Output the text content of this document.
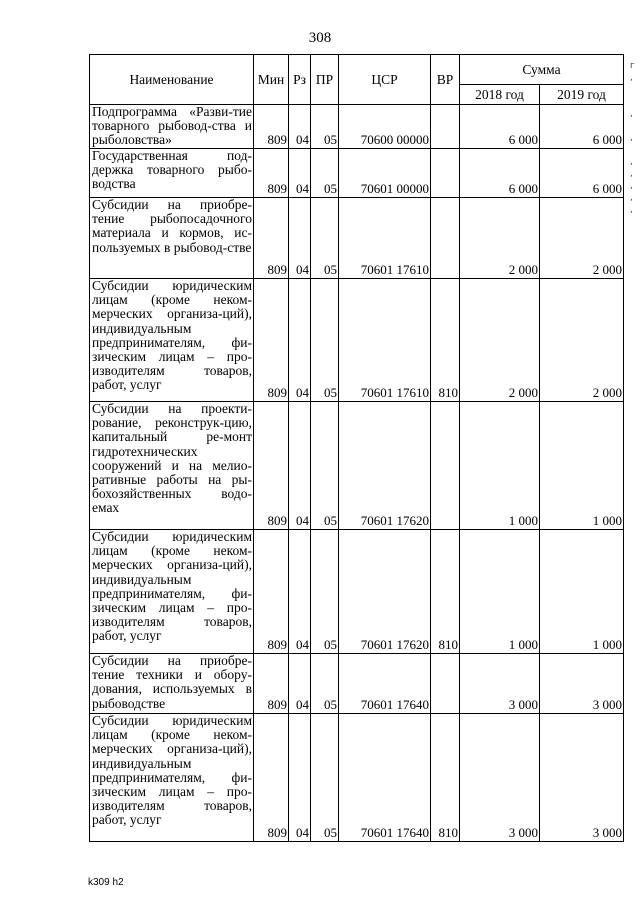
308
Наименование	Мин	Рз	ПР	ЦСР	ВР	Сумма	
						2018 год	2019 год
Подпрограмма «Разви-тие товарного рыбовод-ства и рыболовства»	809	04	05	70600 00000		6 000	6 000
Государственная под-держка товарного рыбо-водства	809	04	05	70601 00000		6 000	6 000
Субсидии на приобре-тение рыбопосадочного материала и кормов, ис-пользуемых в рыбовод-стве	809	04	05	70601 17610		2 000	2 000
Субсидии юридическим лицам (кроме неком-мерческих организа-ций), индивидуальным предпринимателям, фи-зическим лицам – про-изводителям товаров, работ, услуг	809	04	05	70601 17610	810	2 000	2 000
Субсидии на проекти-рование, реконструк-цию, капитальный ре-монт гидротехнических сооружений и на мелио-ративные работы на ры-бохозяйственных водо-емах	809	04	05	70601 17620		1 000	1 000
Субсидии юридическим лицам (кроме неком-мерческих организа-ций), индивидуальным предпринимателям, фи-зическим лицам – про-изводителям товаров, работ, услуг	809	04	05	70601 17620	810	1 000	1 000
Субсидии на приобре-тение техники и обору-дования, используемых в рыбоводстве	809	04	05	70601 17640		3 000	3 000
Субсидии юридическим лицам (кроме неком-мерческих организа-ций), индивидуальным предпринимателям, фи-зическим лицам – про-изводителям товаров, работ, услуг	809	04	05	70601 17640	810	3 000	3 000
г
,

,

,

,
,
,
,
,
k309 h2
